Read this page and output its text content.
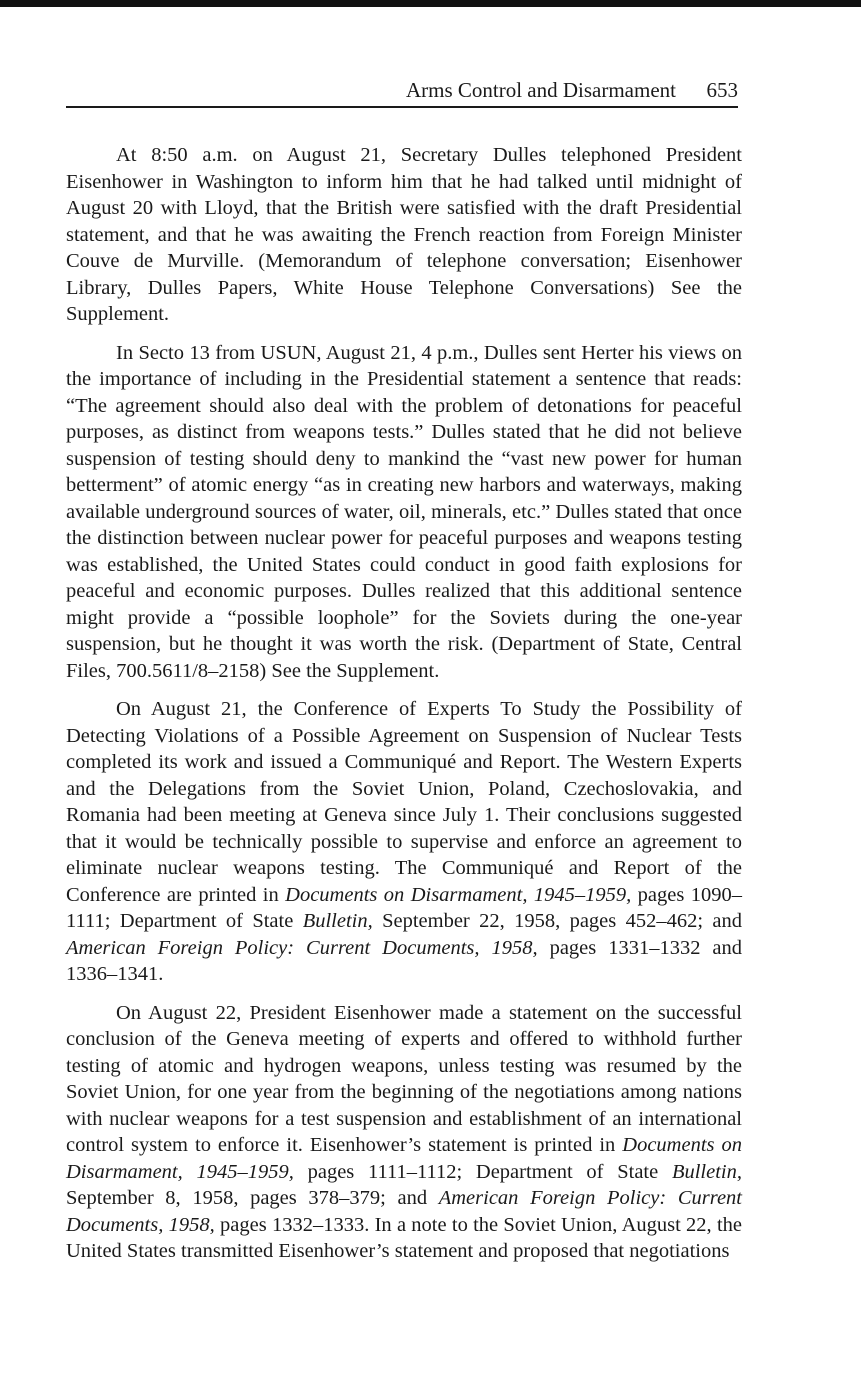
Arms Control and Disarmament 653

At 8:50 a.m. on August 21, Secretary Dulles telephoned President Eisenhower in Washington to inform him that he had talked until midnight of August 20 with Lloyd, that the British were satisfied with the draft Presidential statement, and that he was awaiting the French reaction from Foreign Minister Couve de Murville. (Memorandum of telephone conversation; Eisenhower Library, Dulles Papers, White House Telephone Conversations) See the Supplement.

In Secto 13 from USUN, August 21, 4 p.m., Dulles sent Herter his views on the importance of including in the Presidential statement a sentence that reads: “The agreement should also deal with the problem of detonations for peaceful purposes, as distinct from weapons tests.” Dulles stated that he did not believe suspension of testing should deny to mankind the “vast new power for human betterment” of atomic energy “as in creating new harbors and waterways, making available underground sources of water, oil, minerals, etc.” Dulles stated that once the distinction between nuclear power for peaceful purposes and weapons testing was established, the United States could conduct in good faith explosions for peaceful and economic purposes. Dulles realized that this additional sentence might provide a “possible loophole” for the Soviets during the one-year suspension, but he thought it was worth the risk. (Department of State, Central Files, 700.5611/8–2158) See the Supplement.

On August 21, the Conference of Experts To Study the Possibility of Detecting Violations of a Possible Agreement on Suspension of Nuclear Tests completed its work and issued a Communiqué and Report. The Western Experts and the Delegations from the Soviet Union, Poland, Czechoslovakia, and Romania had been meeting at Geneva since July 1. Their conclusions suggested that it would be technically possible to supervise and enforce an agreement to eliminate nuclear weapons testing. The Communiqué and Report of the Conference are printed in Documents on Disarmament, 1945–1959, pages 1090–1111; Department of State Bulletin, September 22, 1958, pages 452–462; and American Foreign Policy: Current Documents, 1958, pages 1331–1332 and 1336–1341.

On August 22, President Eisenhower made a statement on the successful conclusion of the Geneva meeting of experts and offered to withhold further testing of atomic and hydrogen weapons, unless testing was resumed by the Soviet Union, for one year from the beginning of the negotiations among nations with nuclear weapons for a test suspension and establishment of an international control system to enforce it. Eisenhower’s statement is printed in Documents on Disarmament, 1945–1959, pages 1111–1112; Department of State Bulletin, September 8, 1958, pages 378–379; and American Foreign Policy: Current Documents, 1958, pages 1332–1333. In a note to the Soviet Union, August 22, the United States transmitted Eisenhower’s statement and proposed that negotiations
